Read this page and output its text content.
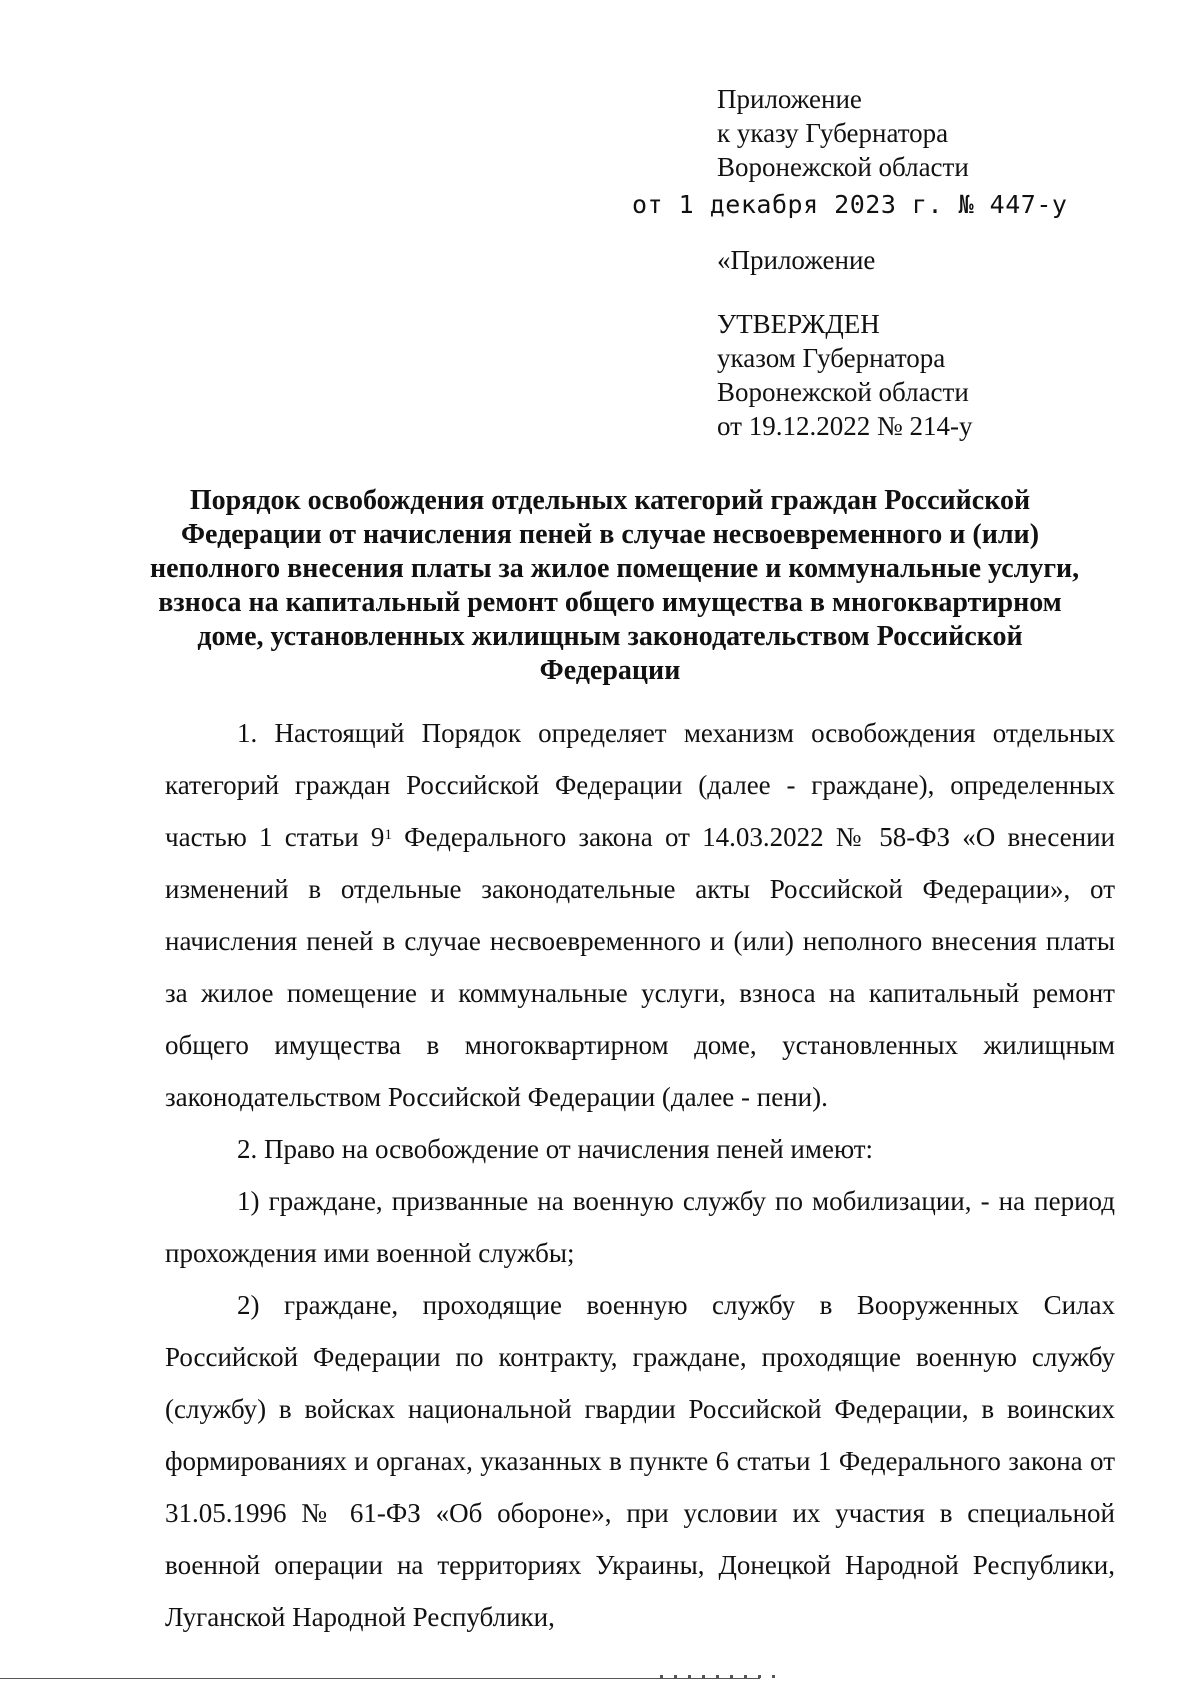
Приложение
к указу Губернатора
Воронежской области
от 1 декабря 2023 г. № 447-у
«Приложение
УТВЕРЖДЕН
указом Губернатора
Воронежской области
от 19.12.2022 № 214-у
Порядок освобождения отдельных категорий граждан Российской
Федерации от начисления пеней в случае несвоевременного и (или)
неполного внесения платы за жилое помещение и коммунальные услуги,
взноса на капитальный ремонт общего имущества в многоквартирном
доме, установленных жилищным законодательством Российской
Федерации

1. Настоящий Порядок определяет механизм освобождения отдельных категорий граждан Российской Федерации (далее - граждане), определенных частью 1 статьи $9^1$ Федерального закона от 14.03.2022 № 58-ФЗ «О внесении изменений в отдельные законодательные акты Российской Федерации», от начисления пеней в случае несвоевременного и (или) неполного внесения платы за жилое помещение и коммунальные услуги, взноса на капитальный ремонт общего имущества в многоквартирном доме, установленных жилищным законодательством Российской Федерации (далее - пени).

2. Право на освобождение от начисления пеней имеют:

1) граждане, призванные на военную службу по мобилизации, - на период прохождения ими военной службы;

2) граждане, проходящие военную службу в Вооруженных Силах Российской Федерации по контракту, граждане, проходящие военную службу (службу) в войсках национальной гвардии Российской Федерации, в воинских формированиях и органах, указанных в пункте 6 статьи 1 Федерального закона от 31.05.1996 № 61-ФЗ «Об обороне», при условии их участия в специальной военной операции на территориях Украины, Донецкой Народной Республики, Луганской Народной Республики,
